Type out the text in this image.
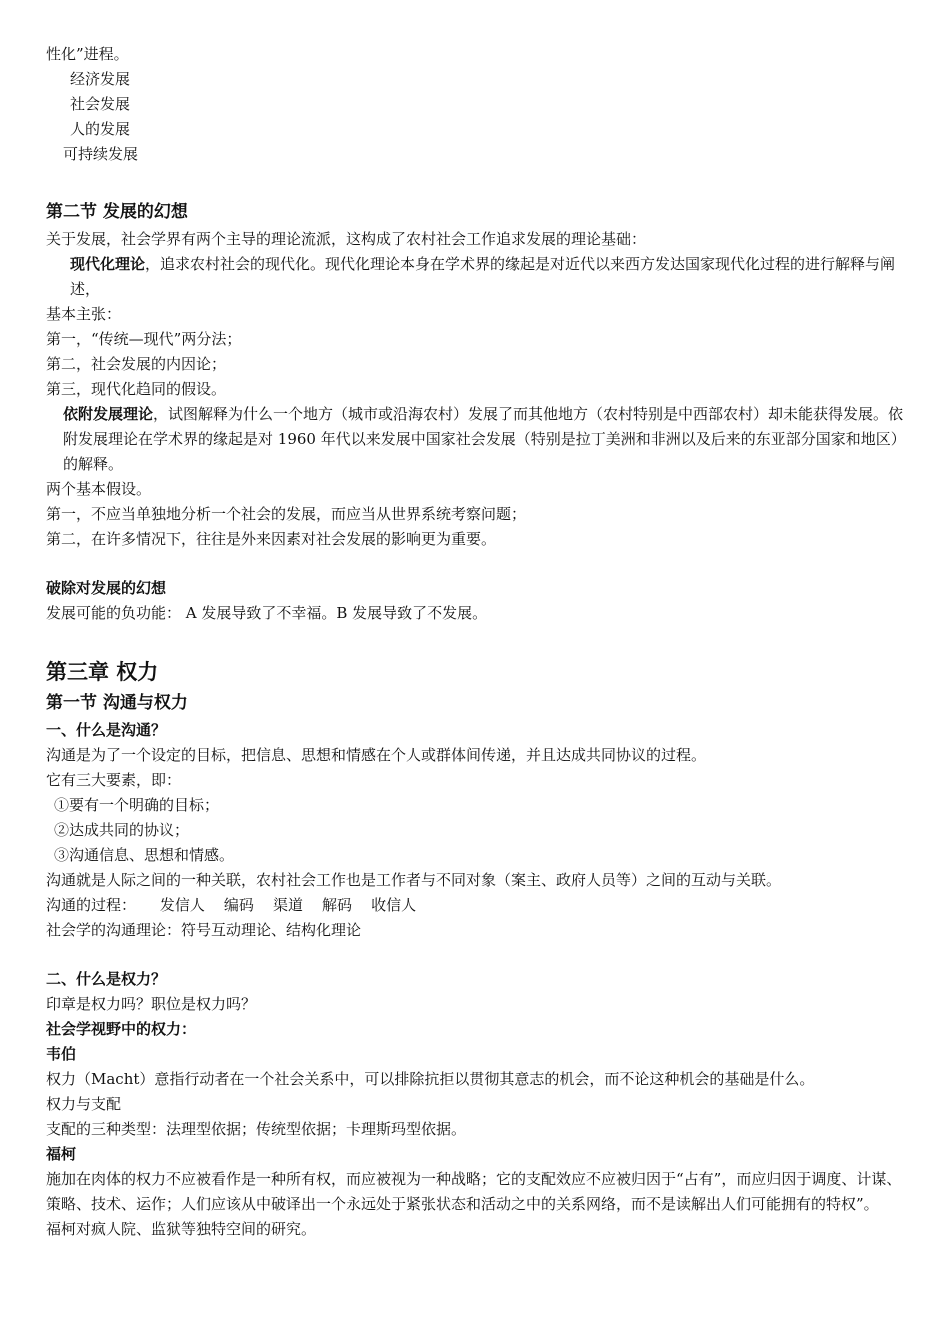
性化”进程。

经济发展

社会发展

人的发展

可持续发展

第二节 发展的幻想

关于发展，社会学界有两个主导的理论流派，这构成了农村社会工作追求发展的理论基础：

现代化理论，追求农村社会的现代化。现代化理论本身在学术界的缘起是对近代以来西方发达国家现代化过程的进行解释与阐述，

基本主张：

第一，“传统—现代”两分法；

第二，社会发展的内因论；

第三，现代化趋同的假设。

依附发展理论，试图解释为什么一个地方（城市或沿海农村）发展了而其他地方（农村特别是中西部农村）却未能获得发展。依附发展理论在学术界的缘起是对 1960 年代以来发展中国家社会发展（特别是拉丁美洲和非洲以及后来的东亚部分国家和地区）的解释。

两个基本假设。

第一，不应当单独地分析一个社会的发展，而应当从世界系统考察问题；

第二，在许多情况下，往往是外来因素对社会发展的影响更为重要。

破除对发展的幻想

发展可能的负功能： A 发展导致了不幸福。B 发展导致了不发展。

第三章 权力

第一节 沟通与权力

一、什么是沟通？

沟通是为了一个设定的目标，把信息、思想和情感在个人或群体间传递，并且达成共同协议的过程。

它有三大要素，即：

①要有一个明确的目标；

②达成共同的协议；

③沟通信息、思想和情感。

沟通就是人际之间的一种关联，农村社会工作也是工作者与不同对象（案主、政府人员等）之间的互动与关联。

沟通的过程：     发信人    编码    渠道    解码    收信人

社会学的沟通理论：符号互动理论、结构化理论

二、什么是权力？

印章是权力吗？职位是权力吗？

社会学视野中的权力：

韦伯

权力（Macht）意指行动者在一个社会关系中，可以排除抗拒以贯彻其意志的机会，而不论这种机会的基础是什么。

权力与支配

支配的三种类型：法理型依据；传统型依据；卡理斯玛型依据。

福柯

施加在肉体的权力不应被看作是一种所有权，而应被视为一种战略；它的支配效应不应被归因于“占有”，而应归因于调度、计谋、策略、技术、运作；人们应该从中破译出一个永远处于紧张状态和活动之中的关系网络，而不是读解出人们可能拥有的特权”。

福柯对疯人院、监狱等独特空间的研究。
